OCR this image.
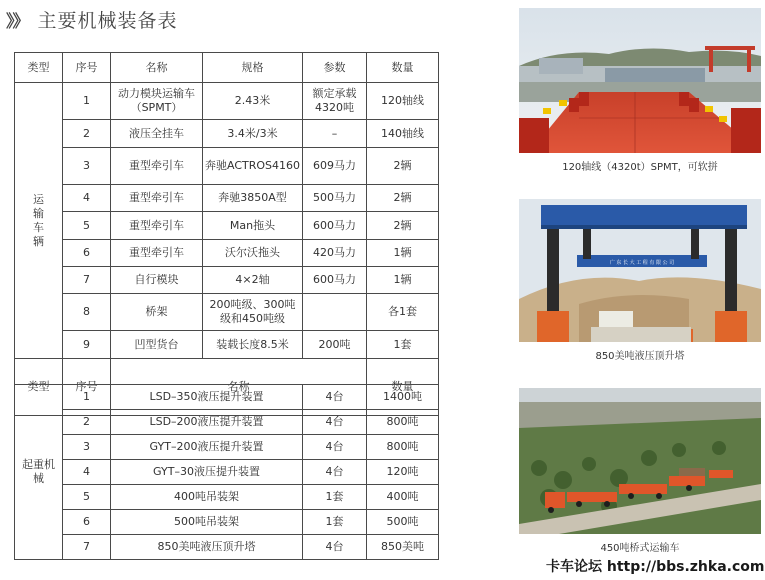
》》 主要机械装备表
类型	序号	名称	规格	参数	数量	

运
输
车
辆	1	动力模块运输车（SPMT）	2.43米	额定承载4320吨	120轴线	
	2	液压全挂车	3.4米/3米	–	140轴线	
	3	重型牵引车	奔驰ACTROS4160	609马力	2辆	
	4	重型牵引车	奔驰3850A型	500马力	2辆	
	5	重型牵引车	Man拖头	600马力	2辆	
	6	重型牵引车	沃尔沃拖头	420马力	1辆	
	7	自行模块	4×2轴	600马力	1辆	
	8	桥架	200吨级、300吨级和450吨级		各1套	
	9	凹型货台	装载长度8.5米	200吨	1套	
类型	序号	名称			数量	
起重机械	1	LSD–350液压提升装置	4台	1400吨
	2	LSD–200液压提升装置	4台	800吨
	3	GYT–200液压提升装置	4台	800吨
	4	GYT–30液压提升装置	4台	120吨
	5	400吨吊装架	1套	400吨
	6	500吨吊装架	1套	500吨
	7	850美吨液压顶升塔	4台	850美吨
120轴线（4320t）SPMT，可软拼
广 东 长 大 工 程 有 限 公 司
850美吨液压顶升塔
450吨桥式运输车
卡车论坛 http://bbs.zhka.com
